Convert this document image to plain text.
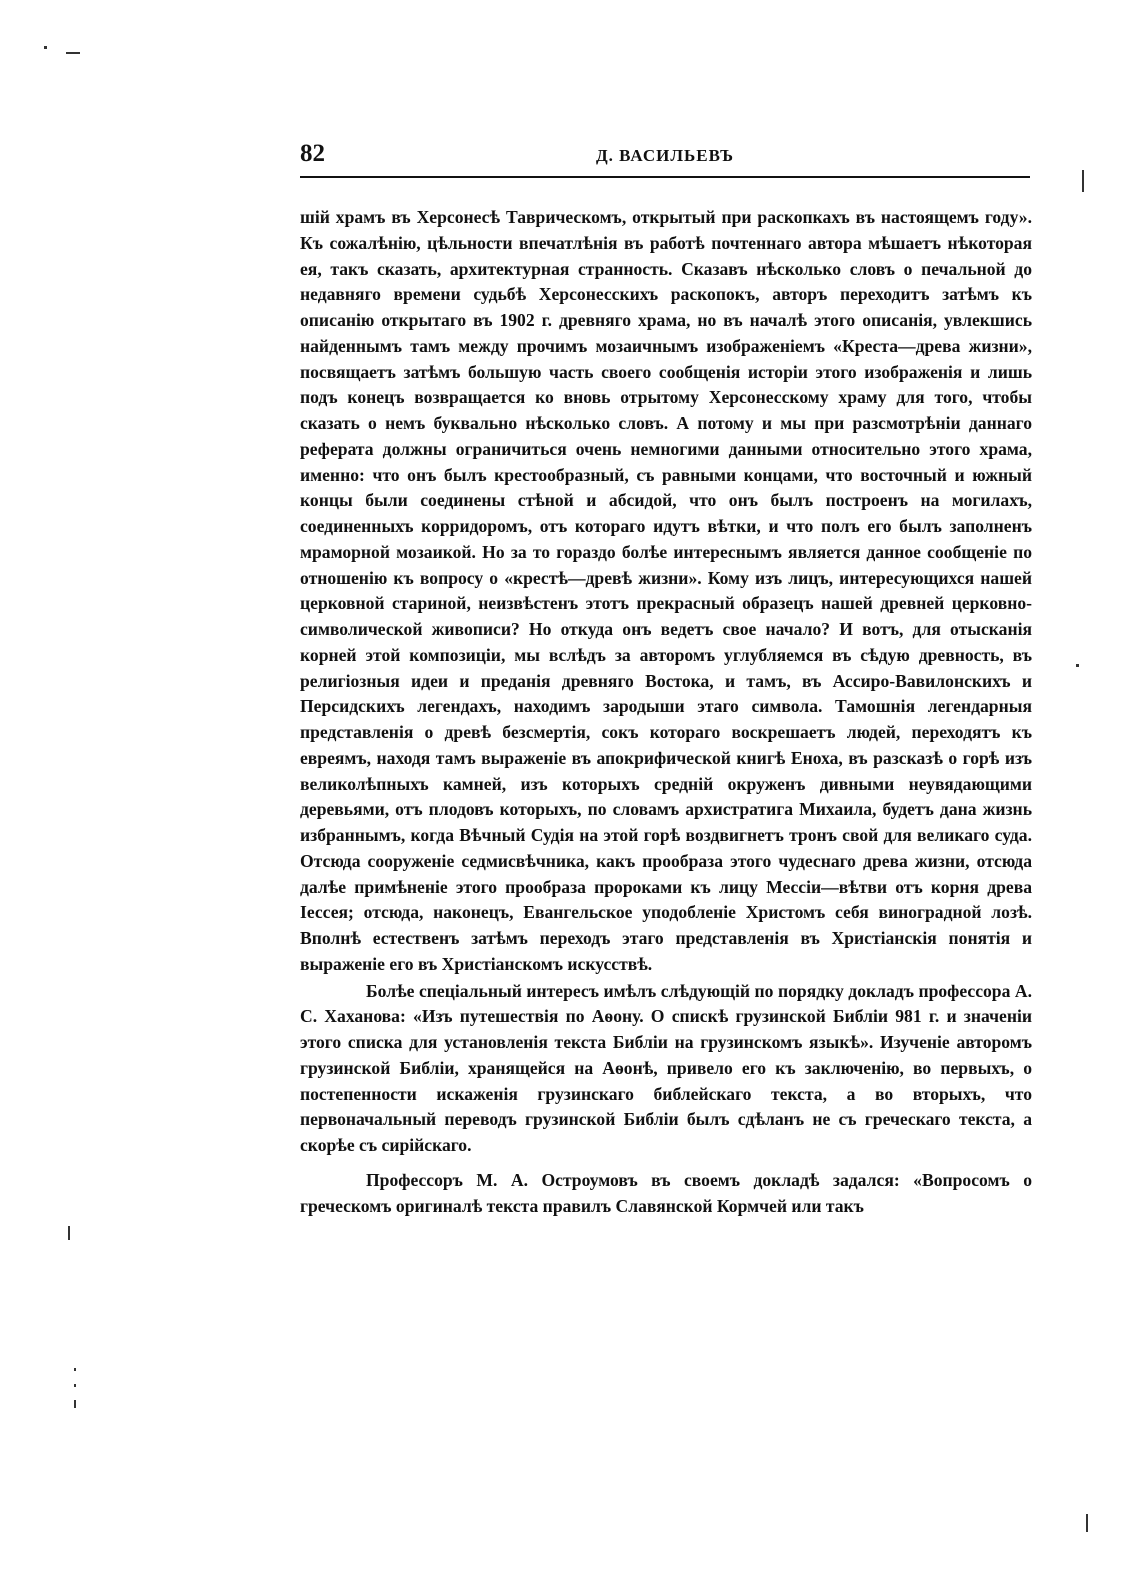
82	Д. ВАСИЛЬЕВЪ

шій храмъ въ Херсонесѣ Таврическомъ, открытый при раскопкахъ въ настоящемъ году». Къ сожалѣнію, цѣльности впечатлѣнія въ работѣ почтеннаго автора мѣшаетъ нѣкоторая ея, такъ сказать, архитектурная странность. Сказавъ нѣсколько словъ о печальной до недавняго времени судьбѣ Херсонесскихъ раскопокъ, авторъ переходитъ затѣмъ къ описанію открытаго въ 1902 г. древняго храма, но въ началѣ этого описанія, увлекшись найденнымъ тамъ между прочимъ мозаичнымъ изображеніемъ «Креста—древа жизни», посвящаетъ затѣмъ большую часть своего сообщенія исторіи этого изображенія и лишь подъ конецъ возвращается ко вновь отрытому Херсонесскому храму для того, чтобы сказать о немъ буквально нѣсколько словъ. А потому и мы при разсмотрѣніи даннаго реферата должны ограничиться очень немногими данными относительно этого храма, именно: что онъ былъ крестообразный, съ равными концами, что восточный и южный концы были соединены стѣной и абсидой, что онъ былъ построенъ на могилахъ, соединенныхъ корридоромъ, отъ котораго идутъ вѣтки, и что полъ его былъ заполненъ мраморной мозаикой. Но за то гораздо болѣе интереснымъ является данное сообщеніе по отношенію къ вопросу о «крестѣ—древѣ жизни». Кому изъ лицъ, интересующихся нашей церковной стариной, неизвѣстенъ этотъ прекрасный образецъ нашей древней церковно-символической живописи? Но откуда онъ ведетъ свое начало? И вотъ, для отысканія корней этой композиціи, мы вслѣдъ за авторомъ углубляемся въ сѣдую древность, въ религіозныя идеи и преданія древняго Востока, и тамъ, въ Ассиро-Вавилонскихъ и Персидскихъ легендахъ, находимъ зародыши этаго символа. Тамошнія легендарныя представленія о древѣ безсмертія, сокъ котораго воскрешаетъ людей, переходятъ къ евреямъ, находя тамъ выраженіе въ апокрифической книгѣ Еноха, въ разсказѣ о горѣ изъ великолѣпныхъ камней, изъ которыхъ средній окруженъ дивными неувядающими деревьями, отъ плодовъ которыхъ, по словамъ архистратига Михаила, будетъ дана жизнь избраннымъ, когда Вѣчный Судія на этой горѣ воздвигнетъ тронъ свой для великаго суда. Отсюда сооруженіе седмисвѣчника, какъ прообраза этого чудеснаго древа жизни, отсюда далѣе примѣненіе этого прообраза пророками къ лицу Мессіи—вѣтви отъ корня древа Іессея; отсюда, наконецъ, Евангельское уподобленіе Христомъ себя виноградной лозѣ. Вполнѣ естественъ затѣмъ переходъ этаго представленія въ Христіанскія понятія и выраженіе его въ Христіанскомъ искусствѣ.

Болѣе спеціальный интересъ имѣлъ слѣдующій по порядку докладъ профессора А. С. Хаханова: «Изъ путешествія по Аѳону. О спискѣ грузинской Библіи 981 г. и значеніи этого списка для установленія текста Библіи на грузинскомъ языкѣ». Изученіе авторомъ грузинской Библіи, хранящейся на Аѳонѣ, привело его къ заключенію, во первыхъ, о постепенности искаженія грузинскаго библейскаго текста, а во вторыхъ, что первоначальный переводъ грузинской Библіи былъ сдѣланъ не съ греческаго текста, а скорѣе съ сирійскаго.

Профессоръ М. А. Остроумовъ въ своемъ докладѣ задался: «Вопросомъ о греческомъ оригиналѣ текста правилъ Славянской Кормчей или такъ
